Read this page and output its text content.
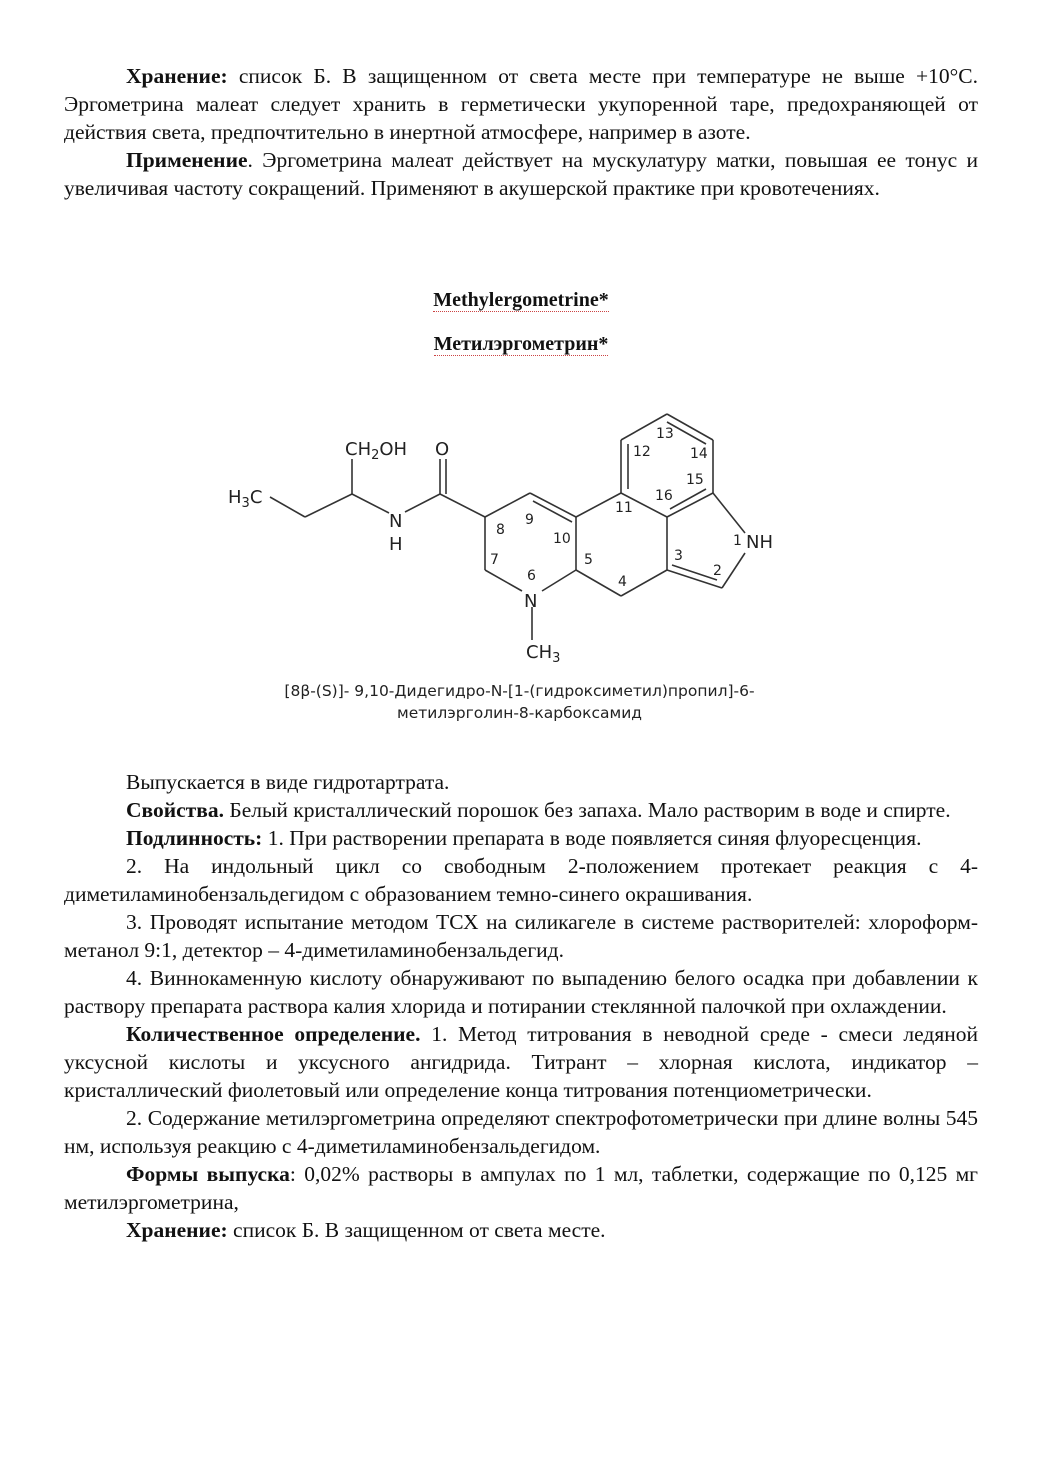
Хранение: список Б. В защищенном от света месте при температуре не выше +10°С. Эргометрина малеат следует хранить в герметически укупоренной таре, предохраняющей от действия света, предпочтительно в инертной атмосфере, например в азоте.

Применение. Эргометрина малеат действует на мускулатуру матки, повышая ее тонус и увеличивая частоту сокращений. Применяют в акушерской практике при кровотечениях.

Methylergometrine*
Метилэргометрин*
$CH_2OH$ O
$H_3C$
N
H
N
$CH_3$
NH
1
2
3
4
5
6
7
8
9
10
11
12
13
14
15
16
[8β-(S)]- 9,10-Дидегидро-N-[1-(гидроксиметил)пропил]-6-
метилэрголин-8-карбоксамид

Выпускается в виде гидротартрата.

Свойства. Белый кристаллический порошок без запаха. Мало растворим в воде и спирте.

Подлинность: 1. При растворении препарата в воде появляется синяя флуоресценция.

2. На индольный цикл со свободным 2-положением протекает реакция с 4-диметиламинобензальдегидом с образованием темно-синего окрашивания.

3. Проводят испытание методом ТСХ на силикагеле в системе растворителей: хлороформ-метанол 9:1, детектор – 4-диметиламинобензальдегид.

4. Виннокаменную кислоту обнаруживают по выпадению белого осадка при добавлении к раствору препарата раствора калия хлорида и потирании стеклянной палочкой при охлаждении.

Количественное определение. 1. Метод титрования в неводной среде - смеси ледяной уксусной кислоты и уксусного ангидрида. Титрант – хлорная кислота, индикатор – кристаллический фиолетовый или определение конца титрования потенциометрически.

2. Содержание метилэргометрина определяют спектрофотометрически при длине волны 545 нм, используя реакцию с 4-диметиламинобензальдегидом.

Формы выпуска: 0,02% растворы в ампулах по 1 мл, таблетки, содержащие по 0,125 мг метилэргометрина,

Хранение: список Б. В защищенном от света месте.
